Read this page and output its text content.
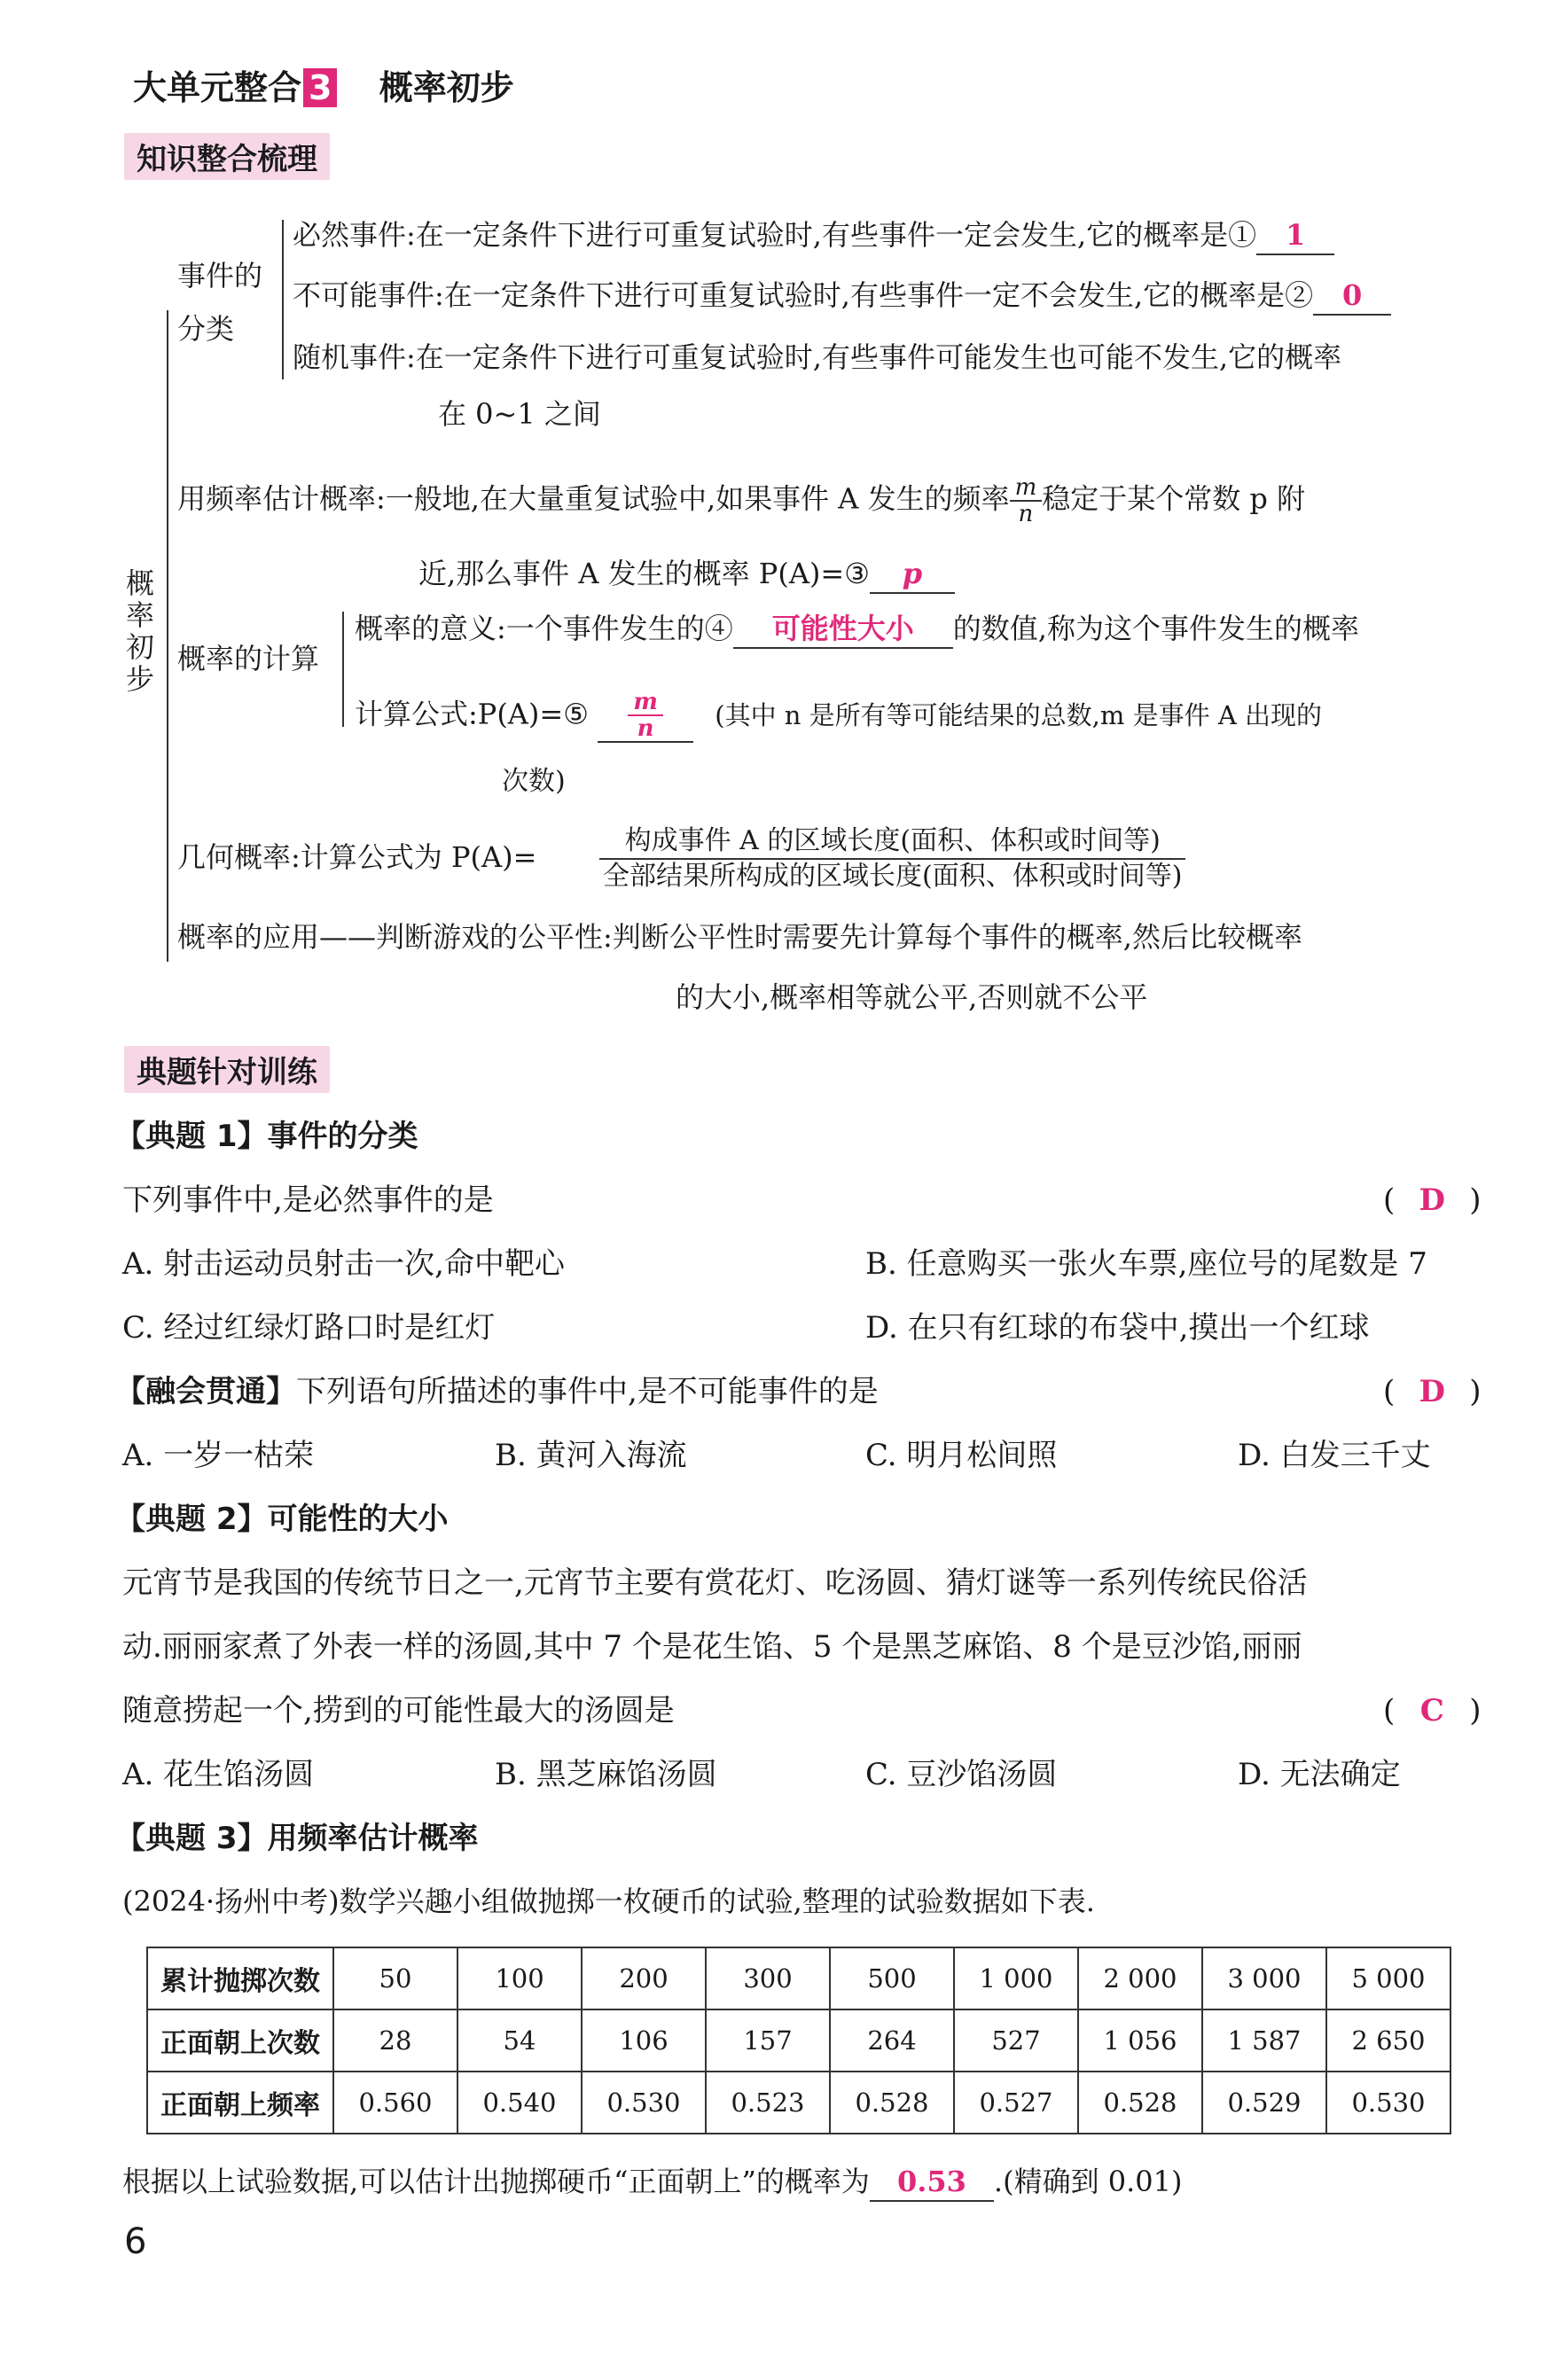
大单元整合 3 概率初步
知识整合梳理
概
率
初
步
事件的
分类
必然事件:在一定条件下进行可重复试验时,有些事件一定会发生,它的概率是① 1
不可能事件:在一定条件下进行可重复试验时,有些事件一定不会发生,它的概率是② 0
随机事件:在一定条件下进行可重复试验时,有些事件可能发生也可能不发生,它的概率
在 0~1 之间
用频率估计概率:一般地,在大量重复试验中,如果事件 A 发生的频率 $\frac{m}{n}$ 稳定于某个常数 p 附
近,那么事件 A 发生的概率 P(A)=③ p
概率的计算
概率的意义:一个事件发生的④ 可能性大小 的数值,称为这个事件发生的概率
计算公式:P(A)=⑤ $\frac{m}{n}$ (其中 n 是所有等可能结果的总数,m 是事件 A 出现的
次数)
几何概率:计算公式为 P(A)=	构成事件 A 的区域长度(面积、体积或时间等)
全部结果所构成的区域长度(面积、体积或时间等)
概率的应用——判断游戏的公平性:判断公平性时需要先计算每个事件的概率,然后比较概率
的大小,概率相等就公平,否则就不公平
典题针对训练
【典题 1】事件的分类
下列事件中,是必然事件的是	( D )
A. 射击运动员射击一次,命中靶心	B. 任意购买一张火车票,座位号的尾数是 7
C. 经过红绿灯路口时是红灯	D. 在只有红球的布袋中,摸出一个红球
【融会贯通】下列语句所描述的事件中,是不可能事件的是	( D )
A. 一岁一枯荣	B. 黄河入海流	C. 明月松间照	D. 白发三千丈
【典题 2】可能性的大小
元宵节是我国的传统节日之一,元宵节主要有赏花灯、吃汤圆、猜灯谜等一系列传统民俗活
动.丽丽家煮了外表一样的汤圆,其中 7 个是花生馅、5 个是黑芝麻馅、8 个是豆沙馅,丽丽
随意捞起一个,捞到的可能性最大的汤圆是	( C )
A. 花生馅汤圆	B. 黑芝麻馅汤圆	C. 豆沙馅汤圆	D. 无法确定
【典题 3】用频率估计概率
(2024·扬州中考)数学兴趣小组做抛掷一枚硬币的试验,整理的试验数据如下表.
累计抛掷次数	50	100	200	300	500	1 000	2 000	3 000	5 000
正面朝上次数	28	54	106	157	264	527	1 056	1 587	2 650
正面朝上频率	0.560	0.540	0.530	0.523	0.528	0.527	0.528	0.529	0.530
根据以上试验数据,可以估计出抛掷硬币“正面朝上”的概率为 0.53 .(精确到 0.01)
6
